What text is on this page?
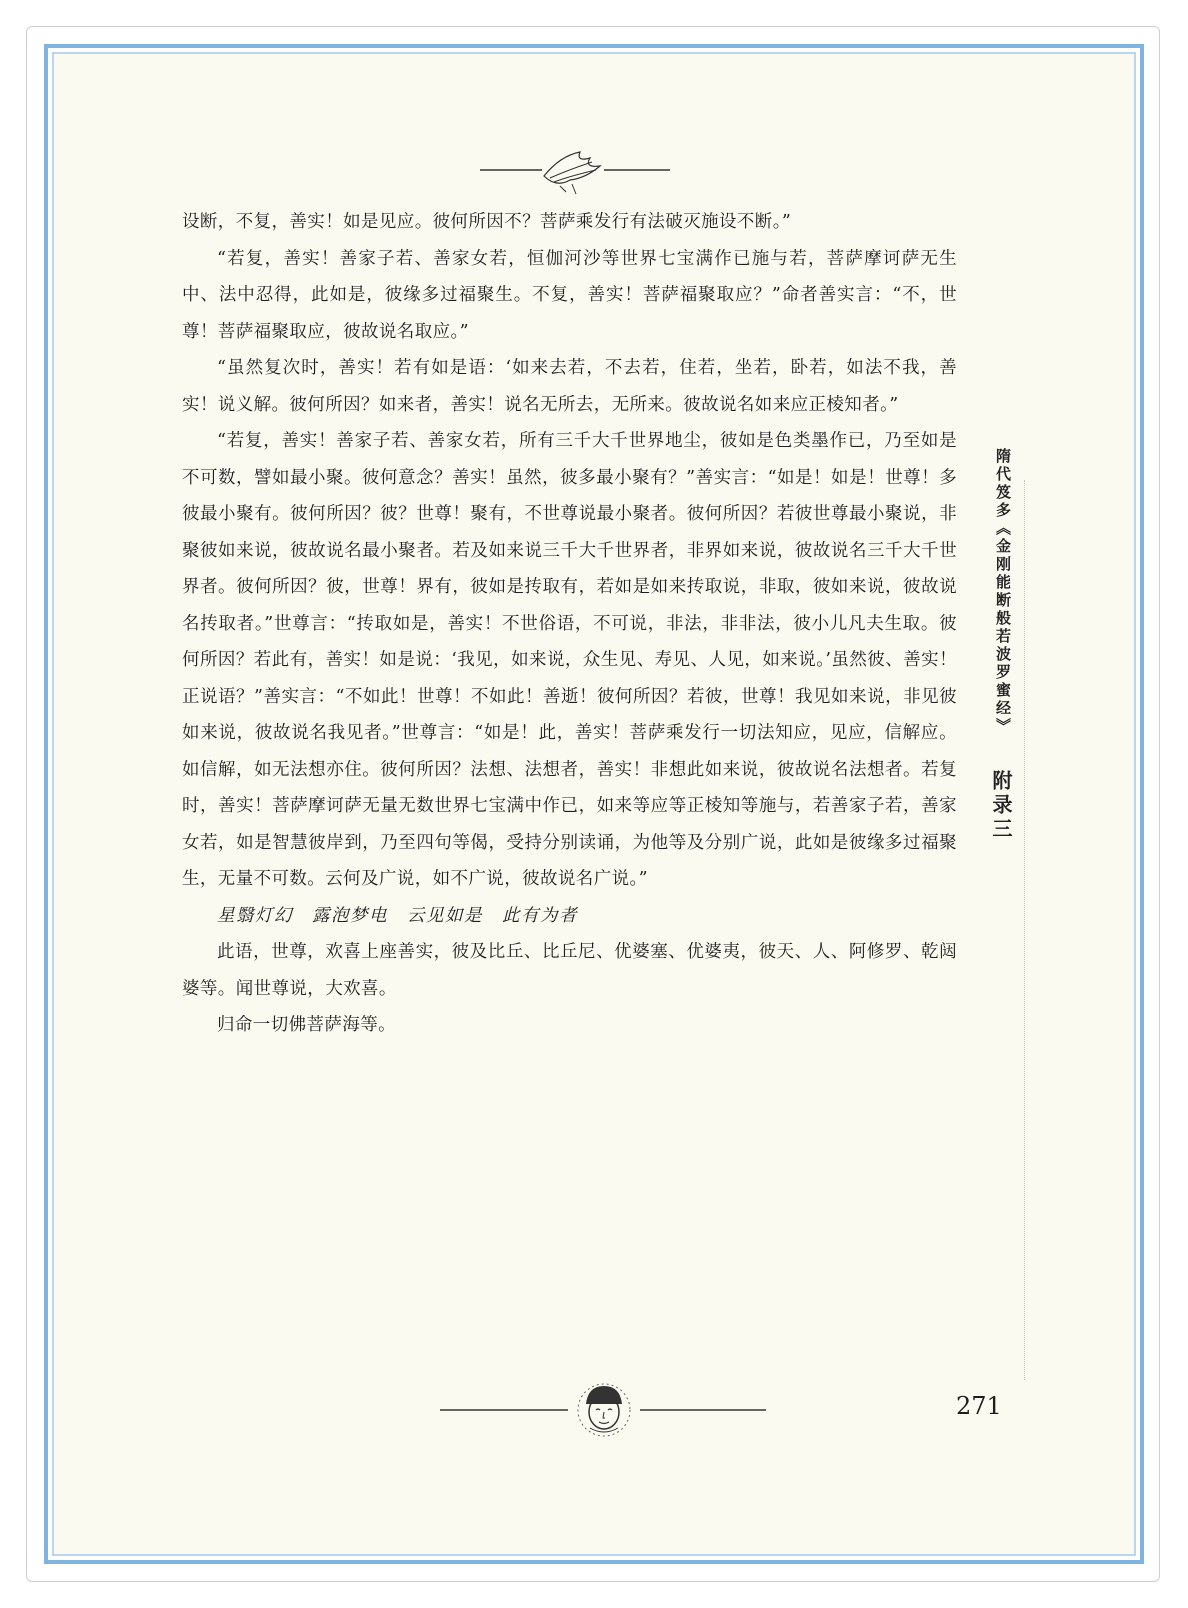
设断，不复，善实！如是见应。彼何所因不？菩萨乘发行有法破灭施设不断。”

“若复，善实！善家子若、善家女若，恒伽河沙等世界七宝满作已施与若，菩萨摩诃萨无生中、法中忍得，此如是，彼缘多过福聚生。不复，善实！菩萨福聚取应？”命者善实言：“不，世尊！菩萨福聚取应，彼故说名取应。”

“虽然复次时，善实！若有如是语：‘如来去若，不去若，住若，坐若，卧若，如法不我，善实！说义解。彼何所因？如来者，善实！说名无所去，无所来。彼故说名如来应正棱知者。”

“若复，善实！善家子若、善家女若，所有三千大千世界地尘，彼如是色类墨作已，乃至如是不可数，譬如最小聚。彼何意念？善实！虽然，彼多最小聚有？”善实言：“如是！如是！世尊！多彼最小聚有。彼何所因？彼？世尊！聚有，不世尊说最小聚者。彼何所因？若彼世尊最小聚说，非聚彼如来说，彼故说名最小聚者。若及如来说三千大千世界者，非界如来说，彼故说名三千大千世界者。彼何所因？彼，世尊！界有，彼如是抟取有，若如是如来抟取说，非取，彼如来说，彼故说名抟取者。”世尊言：“抟取如是，善实！不世俗语，不可说，非法，非非法，彼小儿凡夫生取。彼何所因？若此有，善实！如是说：‘我见，如来说，众生见、寿见、人见，如来说。’虽然彼、善实！正说语？”善实言：“不如此！世尊！不如此！善逝！彼何所因？若彼，世尊！我见如来说，非见彼如来说，彼故说名我见者。”世尊言：“如是！此，善实！菩萨乘发行一切法知应，见应，信解应。如信解，如无法想亦住。彼何所因？法想、法想者，善实！非想此如来说，彼故说名法想者。若复时，善实！菩萨摩诃萨无量无数世界七宝满中作已，如来等应等正棱知等施与，若善家子若，善家女若，如是智慧彼岸到，乃至四句等偈，受持分别读诵，为他等及分别广说，此如是彼缘多过福聚生，无量不可数。云何及广说，如不广说，彼故说名广说。”

星翳灯幻　露泡梦电　云见如是　此有为者

此语，世尊，欢喜上座善实，彼及比丘、比丘尼、优婆塞、优婆夷，彼天、人、阿修罗、乾闼婆等。闻世尊说，大欢喜。

归命一切佛菩萨海等。

隋代笈多《金刚能断般若波罗蜜经》
附录三
271
